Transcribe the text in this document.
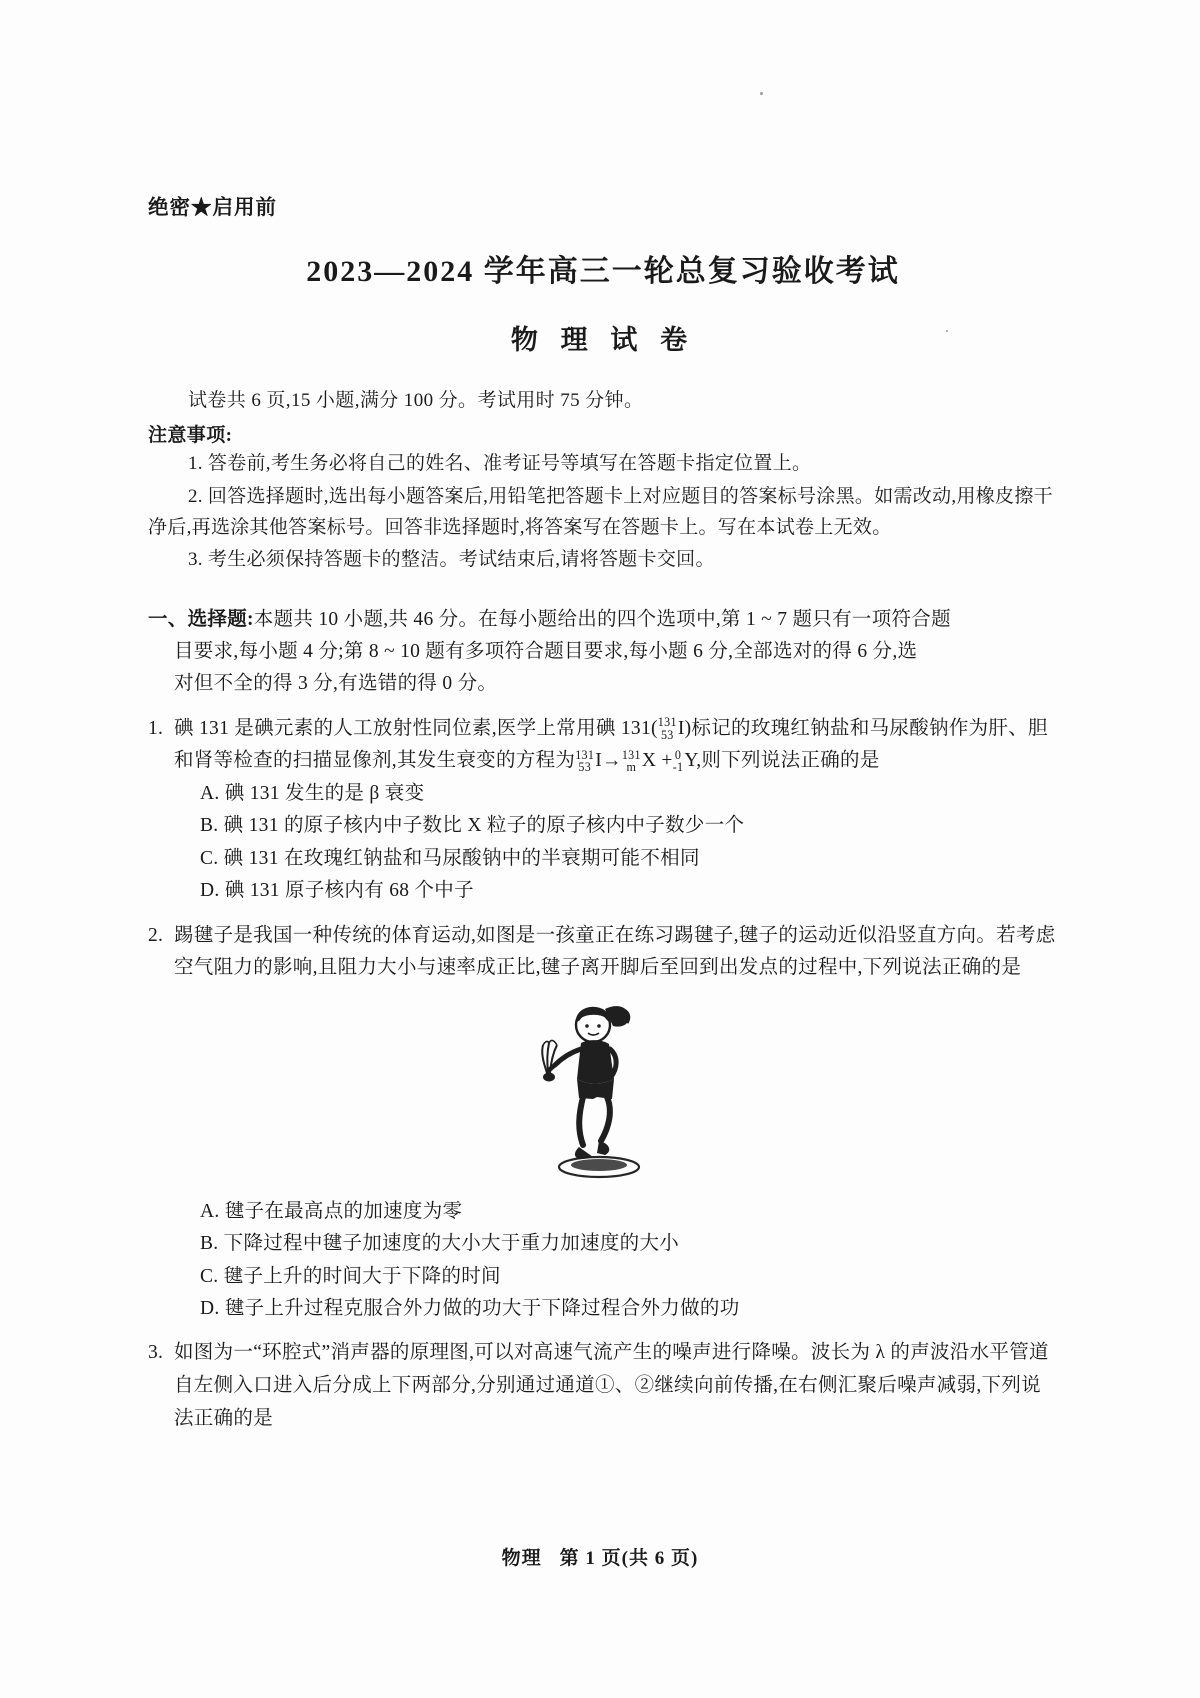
绝密★启用前
2023—2024 学年高三一轮总复习验收考试
物 理 试 卷
试卷共 6 页,15 小题,满分 100 分。考试用时 75 分钟。
注意事项:
1. 答卷前,考生务必将自己的姓名、准考证号等填写在答题卡指定位置上。
2. 回答选择题时,选出每小题答案后,用铅笔把答题卡上对应题目的答案标号涂黑。如需改动,用橡皮擦干净后,再选涂其他答案标号。回答非选择题时,将答案写在答题卡上。写在本试卷上无效。
3. 考生必须保持答题卡的整洁。考试结束后,请将答题卡交回。
一、选择题:本题共 10 小题,共 46 分。在每小题给出的四个选项中,第 1 ~ 7 题只有一项符合题
目要求,每小题 4 分;第 8 ~ 10 题有多项符合题目要求,每小题 6 分,全部选对的得 6 分,选
对但不全的得 3 分,有选错的得 0 分。
1. 碘 131 是碘元素的人工放射性同位素,医学上常用碘 131( 131
53 I)标记的玫瑰红钠盐和马尿酸钠作为肝、胆和肾等检查的扫描显像剂,其发生衰变的方程为 131
53 I→ 131
m X + 0
-1 Y,则下列说法正确的是
A. 碘 131 发生的是 β 衰变
B. 碘 131 的原子核内中子数比 X 粒子的原子核内中子数少一个
C. 碘 131 在玫瑰红钠盐和马尿酸钠中的半衰期可能不相同
D. 碘 131 原子核内有 68 个中子
2. 踢毽子是我国一种传统的体育运动,如图是一孩童正在练习踢毽子,毽子的运动近似沿竖直方向。若考虑空气阻力的影响,且阻力大小与速率成正比,毽子离开脚后至回到出发点的过程中,下列说法正确的是
A. 毽子在最高点的加速度为零
B. 下降过程中毽子加速度的大小大于重力加速度的大小
C. 毽子上升的时间大于下降的时间
D. 毽子上升过程克服合外力做的功大于下降过程合外力做的功
3. 如图为一“环腔式”消声器的原理图,可以对高速气流产生的噪声进行降噪。波长为 λ 的声波沿水平管道自左侧入口进入后分成上下两部分,分别通过通道①、②继续向前传播,在右侧汇聚后噪声减弱,下列说法正确的是
物理 第 1 页(共 6 页)
